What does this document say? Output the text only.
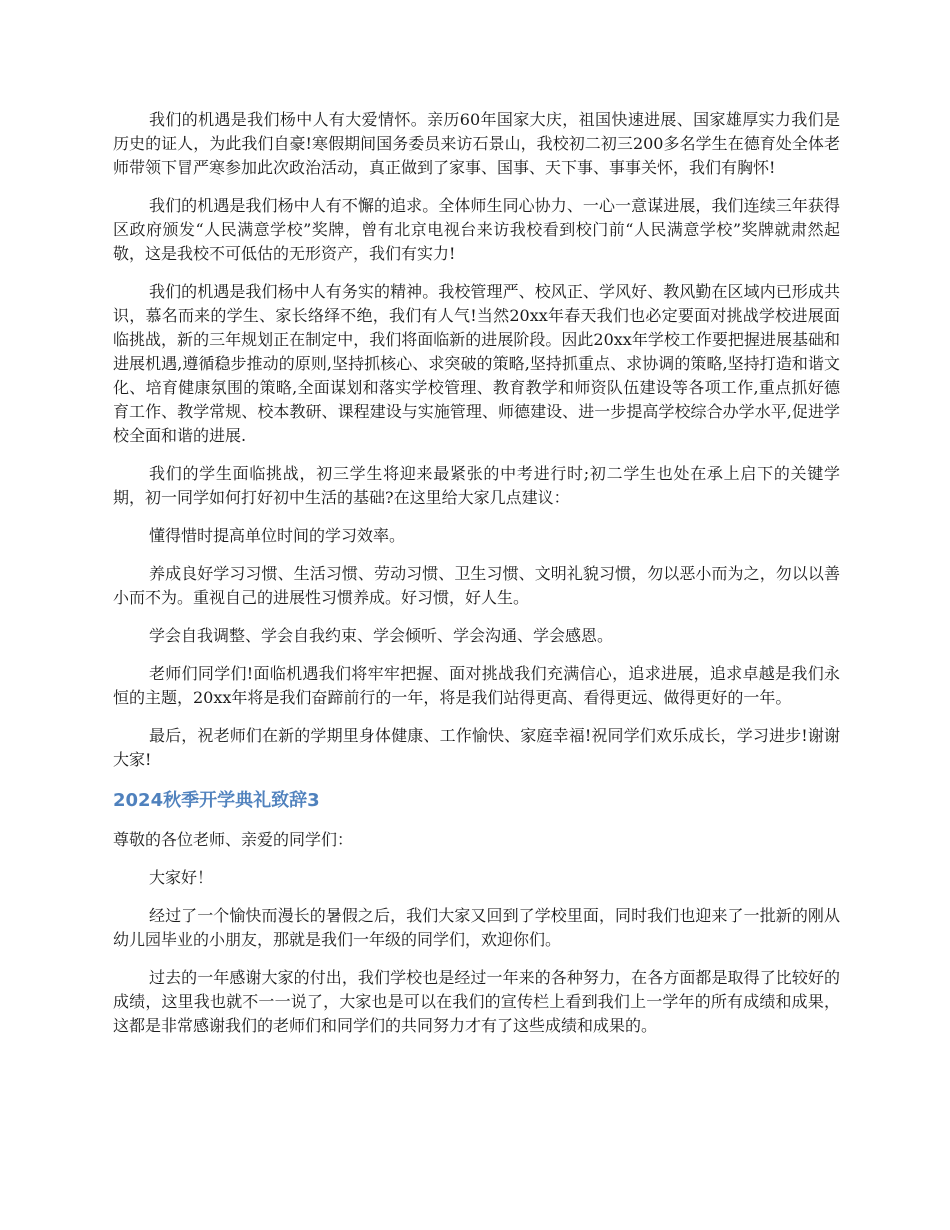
我们的机遇是我们杨中人有大爱情怀。亲历60年国家大庆，祖国快速进展、国家雄厚实力我们是历史的证人，为此我们自豪!寒假期间国务委员来访石景山，我校初二初三200多名学生在德育处全体老师带领下冒严寒参加此次政治活动，真正做到了家事、国事、天下事、事事关怀，我们有胸怀!

我们的机遇是我们杨中人有不懈的追求。全体师生同心协力、一心一意谋进展，我们连续三年获得区政府颁发“人民满意学校”奖牌，曾有北京电视台来访我校看到校门前“人民满意学校”奖牌就肃然起敬，这是我校不可低估的无形资产，我们有实力!

我们的机遇是我们杨中人有务实的精神。我校管理严、校风正、学风好、教风勤在区域内已形成共识，慕名而来的学生、家长络绎不绝，我们有人气!当然20xx年春天我们也必定要面对挑战学校进展面临挑战，新的三年规划正在制定中，我们将面临新的进展阶段。因此20xx年学校工作要把握进展基础和进展机遇,遵循稳步推动的原则,坚持抓核心、求突破的策略,坚持抓重点、求协调的策略,坚持打造和谐文化、培育健康氛围的策略,全面谋划和落实学校管理、教育教学和师资队伍建设等各项工作,重点抓好德育工作、教学常规、校本教研、课程建设与实施管理、师德建设、进一步提高学校综合办学水平,促进学校全面和谐的进展.

我们的学生面临挑战，初三学生将迎来最紧张的中考进行时;初二学生也处在承上启下的关键学期，初一同学如何打好初中生活的基础?在这里给大家几点建议：

懂得惜时提高单位时间的学习效率。

养成良好学习习惯、生活习惯、劳动习惯、卫生习惯、文明礼貌习惯，勿以恶小而为之，勿以以善小而不为。重视自己的进展性习惯养成。好习惯，好人生。

学会自我调整、学会自我约束、学会倾听、学会沟通、学会感恩。

老师们同学们!面临机遇我们将牢牢把握、面对挑战我们充满信心，追求进展，追求卓越是我们永恒的主题，20xx年将是我们奋蹄前行的一年，将是我们站得更高、看得更远、做得更好的一年。

最后，祝老师们在新的学期里身体健康、工作愉快、家庭幸福!祝同学们欢乐成长，学习进步!谢谢大家!

2024秋季开学典礼致辞3

尊敬的各位老师、亲爱的同学们：

大家好！

经过了一个愉快而漫长的暑假之后，我们大家又回到了学校里面，同时我们也迎来了一批新的刚从幼儿园毕业的小朋友，那就是我们一年级的同学们，欢迎你们。

过去的一年感谢大家的付出，我们学校也是经过一年来的各种努力，在各方面都是取得了比较好的成绩，这里我也就不一一说了，大家也是可以在我们的宣传栏上看到我们上一学年的所有成绩和成果，这都是非常感谢我们的老师们和同学们的共同努力才有了这些成绩和成果的。
